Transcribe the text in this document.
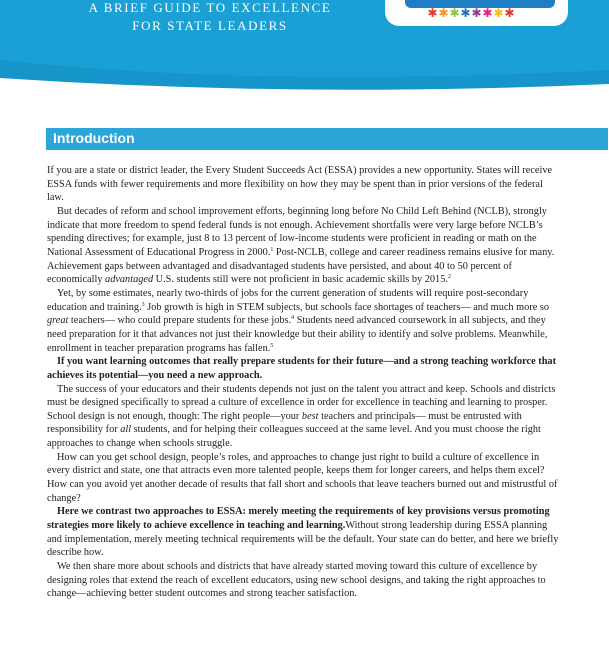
A BRIEF GUIDE TO EXCELLENCE
FOR STATE LEADERS
✱✱✱✱✱✱✱✱
Introduction

If you are a state or district leader, the Every Student Succeeds Act (ESSA) provides a new opportunity. States will receive ESSA funds with fewer requirements and more flexibility on how they may be spent than in prior versions of the federal law.

But decades of reform and school improvement efforts, beginning long before No Child Left Behind (NCLB), strongly indicate that more freedom to spend federal funds is not enough. Achievement shortfalls were very large before NCLB’s spending directives; for example, just 8 to 13 percent of low-income students were proficient in reading or math on the National Assessment of Educational Progress in 2000.$^1$ Post-NCLB, college and career readiness remains elusive for many. Achievement gaps between advantaged and disadvantaged students have persisted, and about 40 to 50 percent of economically advantaged U.S. students still were not proficient in basic academic skills by 2015.$^2$

Yet, by some estimates, nearly two-thirds of jobs for the current generation of students will require post-secondary education and training.$^3$ Job growth is high in STEM subjects, but schools face shortages of teachers— and much more so great teachers— who could prepare students for these jobs.$^4$ Students need advanced coursework in all subjects, and they need preparation for it that advances not just their knowledge but their ability to identify and solve problems. Meanwhile, enrollment in teacher preparation programs has fallen.$^5$

If you want learning outcomes that really prepare students for their future—and a strong teaching workforce that achieves its potential—you need a new approach.

The success of your educators and their students depends not just on the talent you attract and keep. Schools and districts must be designed specifically to spread a culture of excellence in order for excellence in teaching and learning to prosper. School design is not enough, though: The right people—your best teachers and principals— must be entrusted with responsibility for all students, and for helping their colleagues succeed at the same level. And you must choose the right approaches to change when schools struggle.

How can you get school design, people’s roles, and approaches to change just right to build a culture of excellence in every district and state, one that attracts even more talented people, keeps them for longer careers, and helps them excel? How can you avoid yet another decade of results that fall short and schools that leave teachers burned out and mistrustful of change?

Here we contrast two approaches to ESSA: merely meeting the requirements of key provisions versus promoting strategies more likely to achieve excellence in teaching and learning.Without strong leadership during ESSA planning and implementation, merely meeting technical requirements will be the default. Your state can do better, and here we briefly describe how.

We then share more about schools and districts that have already started moving toward this culture of excellence by designing roles that extend the reach of excellent educators, using new school designs, and taking the right approaches to change—achieving better student outcomes and strong teacher satisfaction.
